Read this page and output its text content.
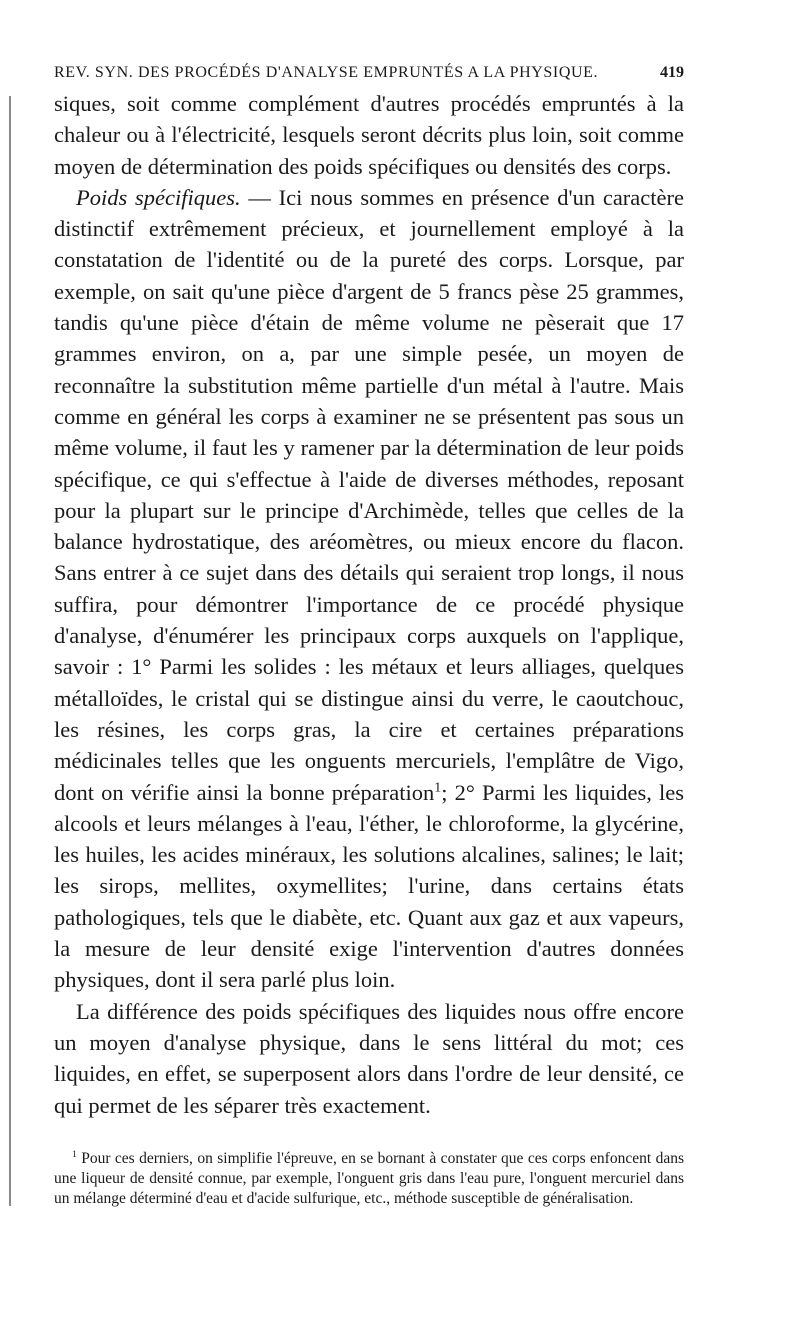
REV. SYN. DES PROCÉDÉS D'ANALYSE EMPRUNTÉS A LA PHYSIQUE.	419

siques, soit comme complément d'autres procédés empruntés à la chaleur ou à l'électricité, lesquels seront décrits plus loin, soit comme moyen de détermination des poids spécifiques ou densités des corps.

Poids spécifiques. — Ici nous sommes en présence d'un caractère distinctif extrêmement précieux, et journellement employé à la constatation de l'identité ou de la pureté des corps. Lorsque, par exemple, on sait qu'une pièce d'argent de 5 francs pèse 25 grammes, tandis qu'une pièce d'étain de même volume ne pèserait que 17 grammes environ, on a, par une simple pesée, un moyen de reconnaître la substitution même partielle d'un métal à l'autre. Mais comme en général les corps à examiner ne se présentent pas sous un même volume, il faut les y ramener par la détermination de leur poids spécifique, ce qui s'effectue à l'aide de diverses méthodes, reposant pour la plupart sur le principe d'Archimède, telles que celles de la balance hydrostatique, des aréomètres, ou mieux encore du flacon. Sans entrer à ce sujet dans des détails qui seraient trop longs, il nous suffira, pour démontrer l'importance de ce procédé physique d'analyse, d'énumérer les principaux corps auxquels on l'applique, savoir : 1° Parmi les solides : les métaux et leurs alliages, quelques métalloïdes, le cristal qui se distingue ainsi du verre, le caoutchouc, les résines, les corps gras, la cire et certaines préparations médicinales telles que les onguents mercuriels, l'emplâtre de Vigo, dont on vérifie ainsi la bonne préparation$^1$; 2° Parmi les liquides, les alcools et leurs mélanges à l'eau, l'éther, le chloroforme, la glycérine, les huiles, les acides minéraux, les solutions alcalines, salines; le lait; les sirops, mellites, oxymellites; l'urine, dans certains états pathologiques, tels que le diabète, etc. Quant aux gaz et aux vapeurs, la mesure de leur densité exige l'intervention d'autres données physiques, dont il sera parlé plus loin.

La différence des poids spécifiques des liquides nous offre encore un moyen d'analyse physique, dans le sens littéral du mot; ces liquides, en effet, se superposent alors dans l'ordre de leur densité, ce qui permet de les séparer très exactement.

$^1$ Pour ces derniers, on simplifie l'épreuve, en se bornant à constater que ces corps enfoncent dans une liqueur de densité connue, par exemple, l'onguent gris dans l'eau pure, l'onguent mercuriel dans un mélange déterminé d'eau et d'acide sulfurique, etc., méthode susceptible de généralisation.
